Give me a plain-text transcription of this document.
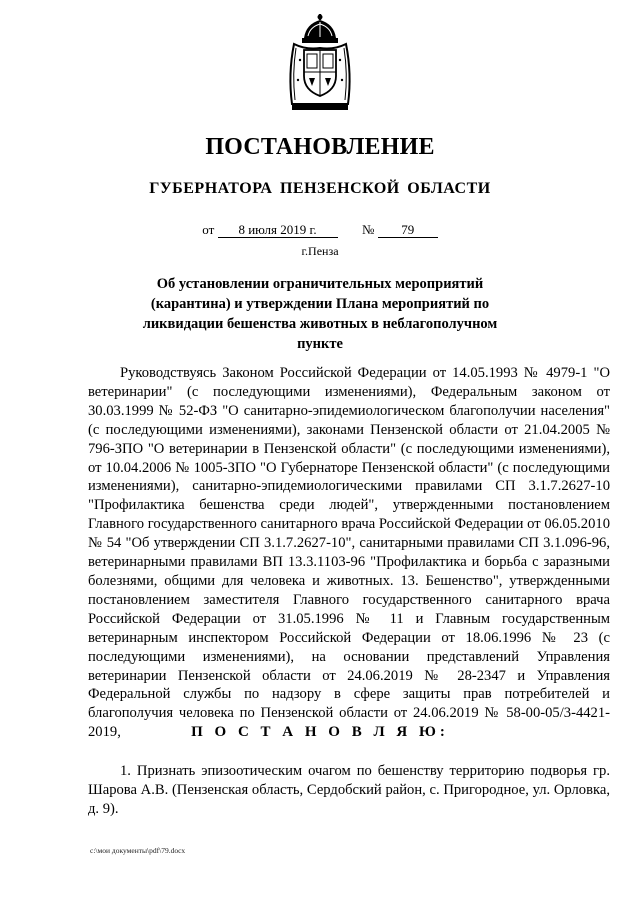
ПОСТАНОВЛЕНИЕ
ГУБЕРНАТОРА ПЕНЗЕНСКОЙ ОБЛАСТИ
от 8 июля 2019 г.	№ 79
г.Пенза
Об установлении ограничительных мероприятий (карантина) и утверждении Плана мероприятий по ликвидации бешенства животных в неблагополучном пункте

Руководствуясь Законом Российской Федерации от 14.05.1993 № 4979-1 "О ветеринарии" (с последующими изменениями), Федеральным законом от 30.03.1999 № 52-ФЗ "О санитарно-эпидемиологическом благополучии населения" (с последующими изменениями), законами Пензенской области от 21.04.2005 № 796-ЗПО "О ветеринарии в Пензенской области" (с последующими изменениями), от 10.04.2006 № 1005-ЗПО "О Губернаторе Пензенской области" (с последующими изменениями), санитарно-эпидемиологическими правилами СП 3.1.7.2627-10 "Профилактика бешенства среди людей", утвержденными постановлением Главного государственного санитарного врача Российской Федерации от 06.05.2010 № 54 "Об утверждении СП 3.1.7.2627-10", санитарными правилами СП 3.1.096-96, ветеринарными правилами ВП 13.3.1103-96 "Профилактика и борьба с заразными болезнями, общими для человека и животных. 13. Бешенство", утвержденными постановлением заместителя Главного государственного санитарного врача Российской Федерации от 31.05.1996 № 11 и Главным государственным ветеринарным инспектором Российской Федерации от 18.06.1996 № 23 (с последующими изменениями), на основании представлений Управления ветеринарии Пензенской области от 24.06.2019 № 28-2347 и Управления Федеральной службы по надзору в сфере защиты прав потребителей и благополучия человека по Пензенской области от 24.06.2019 № 58-00-05/3-4421-2019,	П О С Т А Н О В Л Я Ю:

1. Признать эпизоотическим очагом по бешенству территорию подворья гр. Шарова А.В. (Пензенская область, Сердобский район, с. Пригородное, ул. Орловка, д. 9).

c:\мои документы\pdf\79.docx
